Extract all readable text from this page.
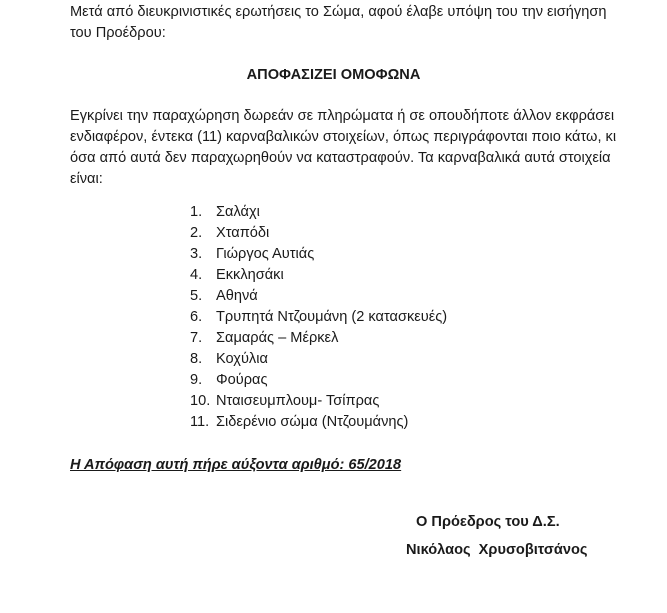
Μετά από διευκρινιστικές ερωτήσεις το Σώμα, αφού έλαβε υπόψη του την εισήγηση του Προέδρου:

ΑΠΟΦΑΣΙΖΕΙ ΟΜΟΦΩΝΑ

Εγκρίνει την παραχώρηση δωρεάν σε πληρώματα ή σε οπουδήποτε άλλον εκφράσει ενδιαφέρον, έντεκα (11) καρναβαλικών στοιχείων, όπως περιγράφονται ποιο κάτω, κι όσα από αυτά δεν παραχωρηθούν να καταστραφούν. Τα καρναβαλικά αυτά στοιχεία είναι:

1. Σαλάχι
2. Χταπόδι
3. Γιώργος Αυτιάς
4. Εκκλησάκι
5. Αθηνά
6. Τρυπητά Ντζουμάνη (2 κατασκευές)
7. Σαμαράς – Μέρκελ
8. Κοχύλια
9. Φούρας
10. Νταισευμπλουμ- Τσίπρας
11. Σιδερένιο σώμα (Ντζουμάνης)

Η Απόφαση αυτή πήρε αύξοντα αριθμό: 65/2018

Ο Πρόεδρος του Δ.Σ.

Νικόλαος  Χρυσοβιτσάνος
